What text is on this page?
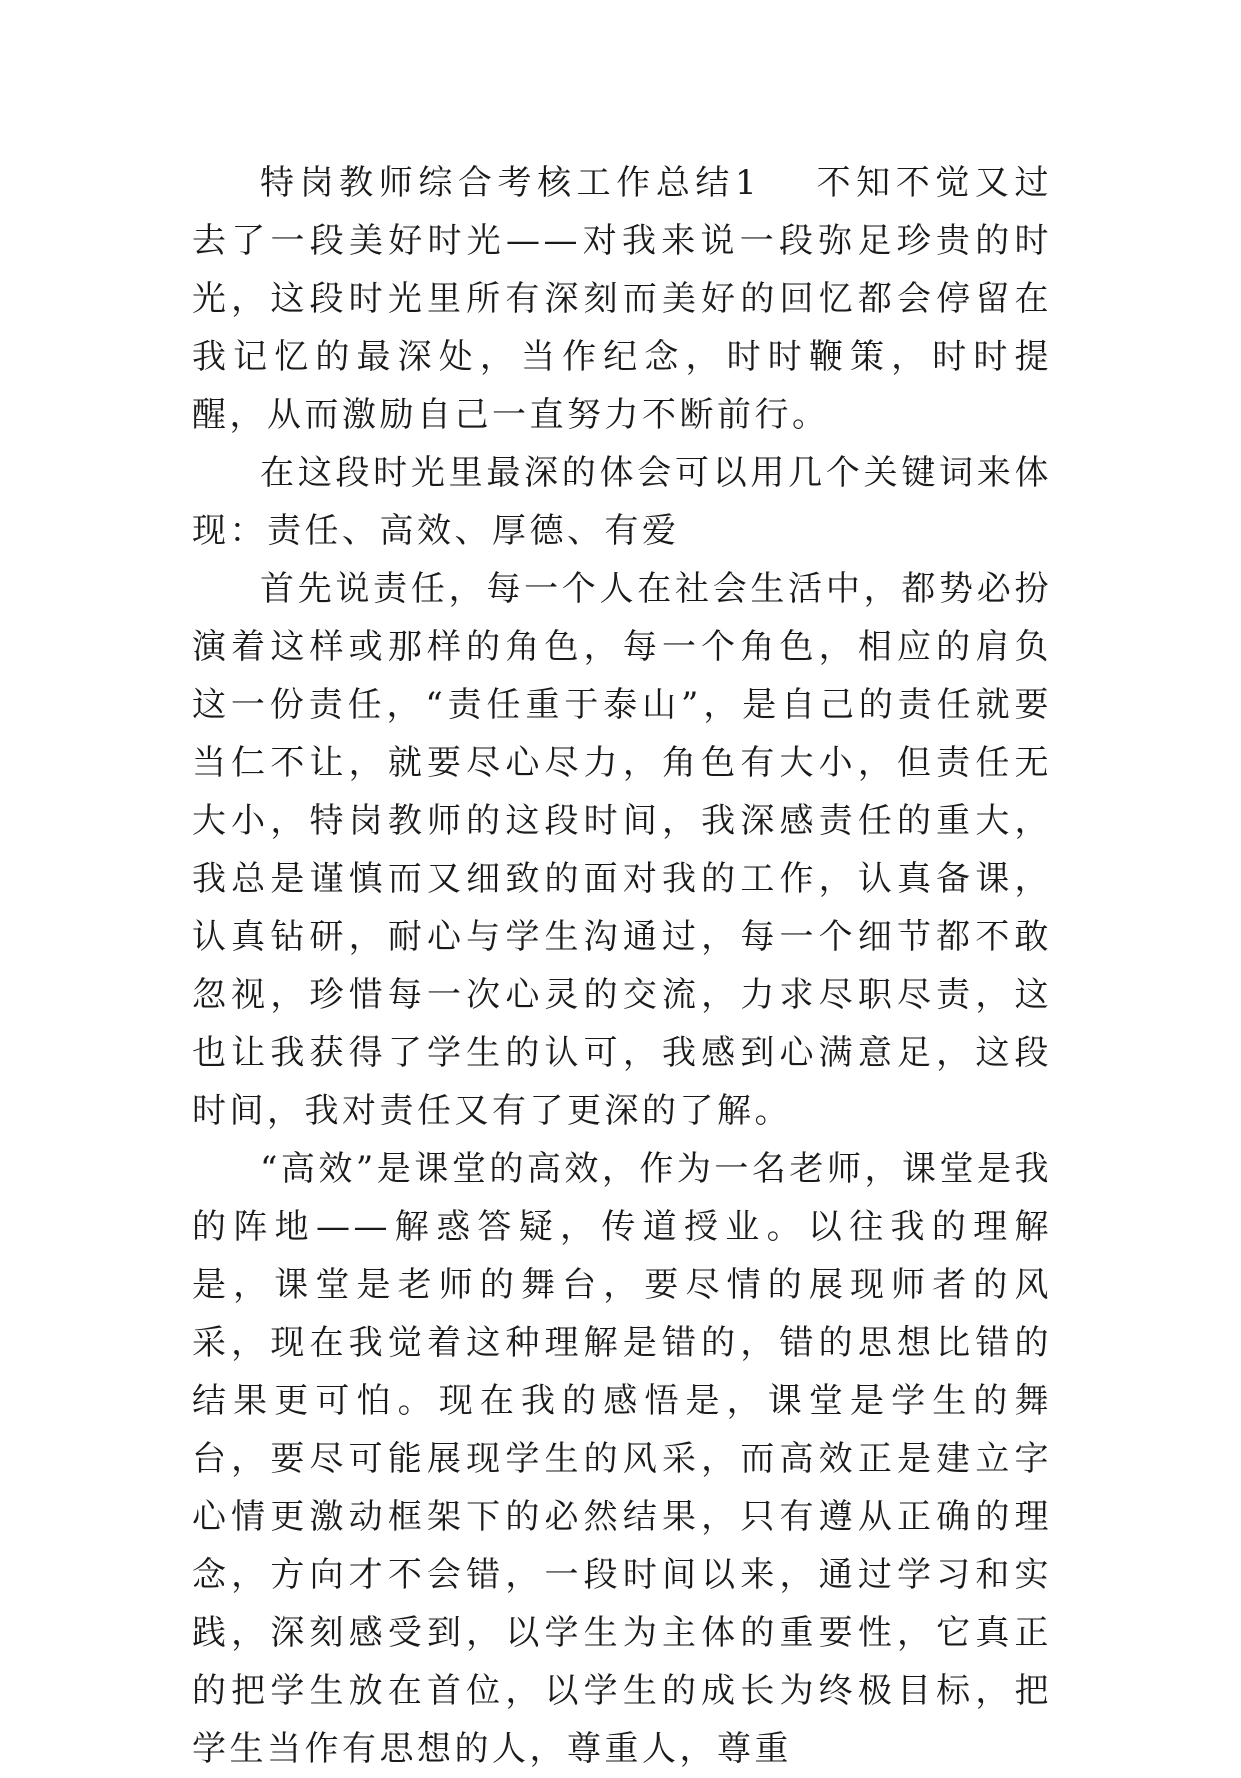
特岗教师综合考核工作总结1 不知不觉又过去了一段美好时光——对我来说一段弥足珍贵的时光，这段时光里所有深刻而美好的回忆都会停留在我记忆的最深处，当作纪念，时时鞭策，时时提醒，从而激励自己一直努力不断前行。

在这段时光里最深的体会可以用几个关键词来体现：责任、高效、厚德、有爱

首先说责任，每一个人在社会生活中，都势必扮演着这样或那样的角色，每一个角色，相应的肩负这一份责任，“责任重于泰山”，是自己的责任就要当仁不让，就要尽心尽力，角色有大小，但责任无大小，特岗教师的这段时间，我深感责任的重大，我总是谨慎而又细致的面对我的工作，认真备课，认真钻研，耐心与学生沟通过，每一个细节都不敢忽视，珍惜每一次心灵的交流，力求尽职尽责，这也让我获得了学生的认可，我感到心满意足，这段时间，我对责任又有了更深的了解。

“高效”是课堂的高效，作为一名老师，课堂是我的阵地——解惑答疑，传道授业。以往我的理解是，课堂是老师的舞台，要尽情的展现师者的风采，现在我觉着这种理解是错的，错的思想比错的结果更可怕。现在我的感悟是，课堂是学生的舞台，要尽可能展现学生的风采，而高效正是建立字心情更激动框架下的必然结果，只有遵从正确的理念，方向才不会错，一段时间以来，通过学习和实践，深刻感受到，以学生为主体的重要性，它真正的把学生放在首位，以学生的成长为终极目标，把学生当作有思想的人，尊重人，尊重
